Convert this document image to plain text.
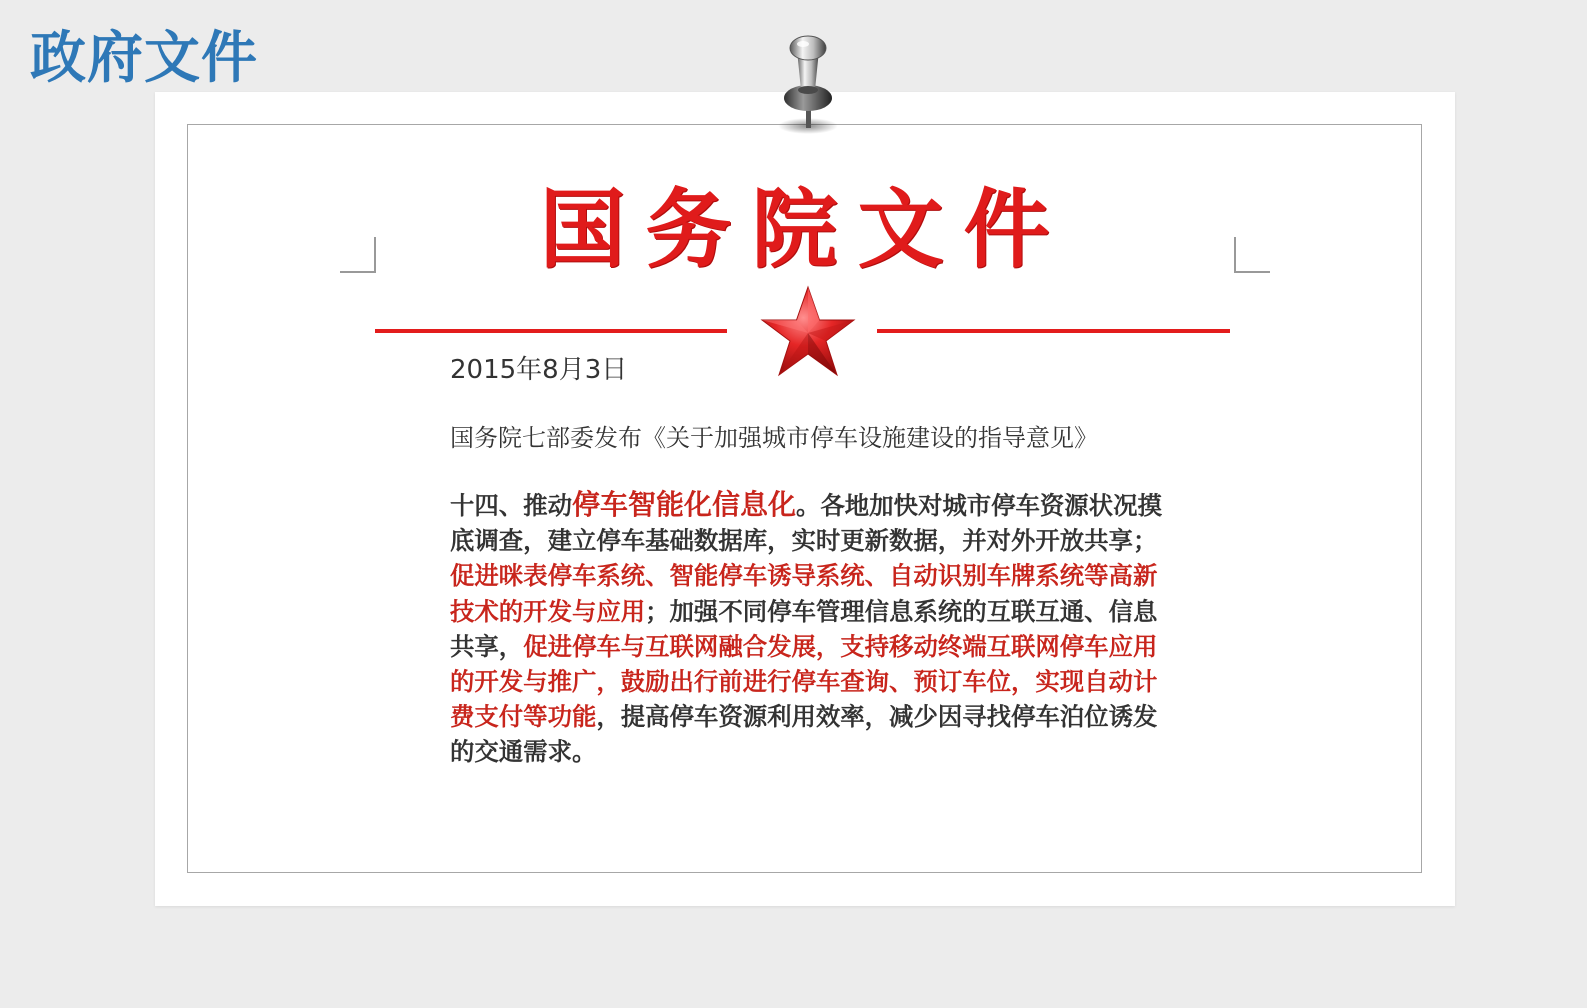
政府文件
国务院文件

2015年8月3日

国务院七部委发布《关于加强城市停车设施建设的指导意见》

十四、推动停车智能化信息化。各地加快对城市停车资源状况摸底调查，建立停车基础数据库，实时更新数据，并对外开放共享；促进咪表停车系统、智能停车诱导系统、自动识别车牌系统等高新技术的开发与应用；加强不同停车管理信息系统的互联互通、信息共享，促进停车与互联网融合发展，支持移动终端互联网停车应用的开发与推广，鼓励出行前进行停车查询、预订车位，实现自动计费支付等功能，提高停车资源利用效率，减少因寻找停车泊位诱发的交通需求。
